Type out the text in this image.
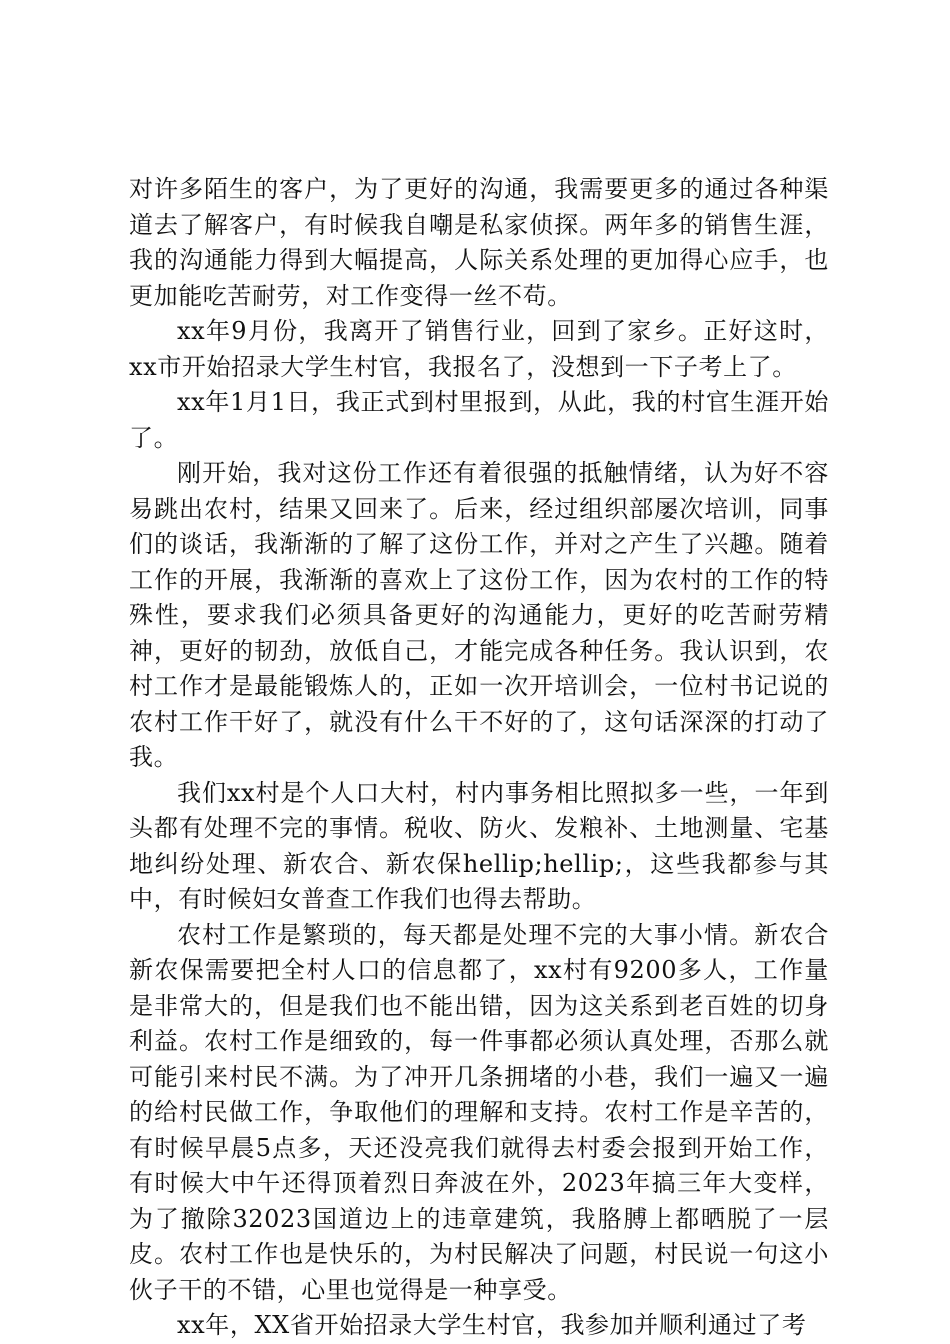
对许多陌生的客户，为了更好的沟通，我需要更多的通过各种渠道去了解客户，有时候我自嘲是私家侦探。两年多的销售生涯，我的沟通能力得到大幅提高，人际关系处理的更加得心应手，也更加能吃苦耐劳，对工作变得一丝不苟。

xx年9月份，我离开了销售行业，回到了家乡。正好这时，xx市开始招录大学生村官，我报名了，没想到一下子考上了。

xx年1月1日，我正式到村里报到，从此，我的村官生涯开始了。

刚开始，我对这份工作还有着很强的抵触情绪，认为好不容易跳出农村，结果又回来了。后来，经过组织部屡次培训，同事们的谈话，我渐渐的了解了这份工作，并对之产生了兴趣。随着工作的开展，我渐渐的喜欢上了这份工作，因为农村的工作的特殊性，要求我们必须具备更好的沟通能力，更好的吃苦耐劳精神，更好的韧劲，放低自己，才能完成各种任务。我认识到，农村工作才是最能锻炼人的，正如一次开培训会，一位村书记说的农村工作干好了，就没有什么干不好的了，这句话深深的打动了我。

我们xx村是个人口大村，村内事务相比照拟多一些，一年到头都有处理不完的事情。税收、防火、发粮补、土地测量、宅基地纠纷处理、新农合、新农保hellip;hellip;，这些我都参与其中，有时候妇女普查工作我们也得去帮助。

农村工作是繁琐的，每天都是处理不完的大事小情。新农合新农保需要把全村人口的信息都了，xx村有9200多人，工作量是非常大的，但是我们也不能出错，因为这关系到老百姓的切身利益。农村工作是细致的，每一件事都必须认真处理，否那么就可能引来村民不满。为了冲开几条拥堵的小巷，我们一遍又一遍的给村民做工作，争取他们的理解和支持。农村工作是辛苦的，有时候早晨5点多，天还没亮我们就得去村委会报到开始工作，有时候大中午还得顶着烈日奔波在外，2023年搞三年大变样，为了撤除32023国道边上的违章建筑，我胳膊上都晒脱了一层皮。农村工作也是快乐的，为村民解决了问题，村民说一句这小伙子干的不错，心里也觉得是一种享受。

xx年，XX省开始招录大学生村官，我参加并顺利通过了考
